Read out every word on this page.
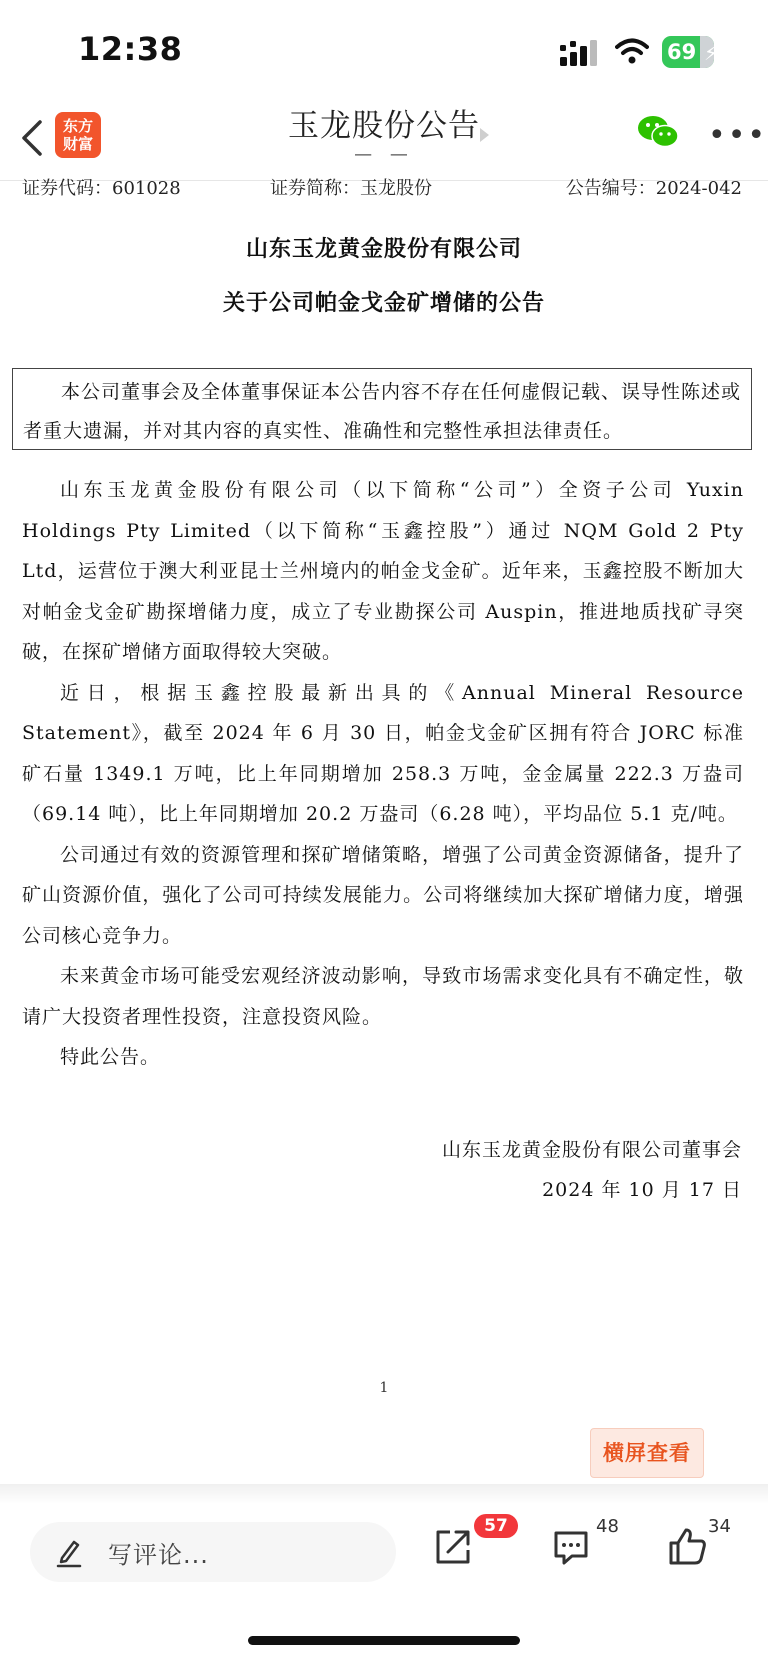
12:38	69 ⚡
东方
财富	玉龙股份公告
— —
•••
证券代码：601028	证券简称：玉龙股份	公告编号：2024-042
山东玉龙黄金股份有限公司
关于公司帕金戈金矿增储的公告
本公司董事会及全体董事保证本公告内容不存在任何虚假记载、误导性陈述或者重大遗漏，并对其内容的真实性、准确性和完整性承担法律责任。

山东玉龙黄金股份有限公司（以下简称“公司”）全资子公司 Yuxin Holdings Pty Limited（以下简称“玉鑫控股”）通过 NQM Gold 2 Pty Ltd，运营位于澳大利亚昆士兰州境内的帕金戈金矿。近年来，玉鑫控股不断加大对帕金戈金矿勘探增储力度，成立了专业勘探公司 Auspin，推进地质找矿寻突破，在探矿增储方面取得较大突破。

近日，根据玉鑫控股最新出具的《Annual Mineral Resource Statement》，截至 2024 年 6 月 30 日，帕金戈金矿区拥有符合 JORC 标准矿石量 1349.1 万吨，比上年同期增加 258.3 万吨，金金属量 222.3 万盎司（69.14 吨），比上年同期增加 20.2 万盎司（6.28 吨），平均品位 5.1 克/吨。

公司通过有效的资源管理和探矿增储策略，增强了公司黄金资源储备，提升了矿山资源价值，强化了公司可持续发展能力。公司将继续加大探矿增储力度，增强公司核心竞争力。

未来黄金市场可能受宏观经济波动影响，导致市场需求变化具有不确定性，敬请广大投资者理性投资，注意投资风险。

特此公告。

山东玉龙黄金股份有限公司董事会
2024 年 10 月 17 日
1
横屏查看
写评论...
57	48	34
